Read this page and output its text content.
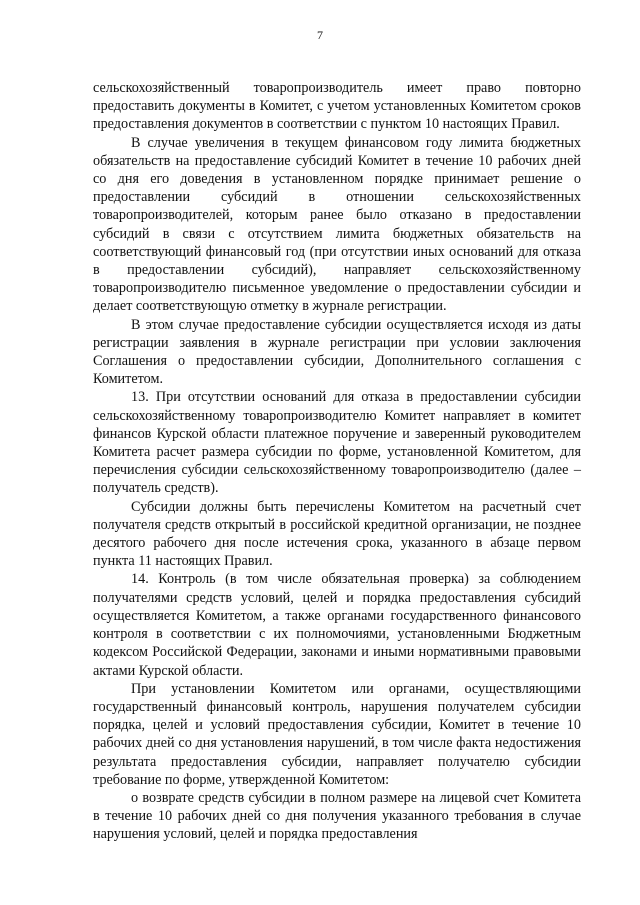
7

сельскохозяйственный товаропроизводитель имеет право повторно предоставить документы в Комитет, с учетом установленных Комитетом сроков предоставления документов в соответствии с пунктом 10 настоящих Правил.

В случае увеличения в текущем финансовом году лимита бюджетных обязательств на предоставление субсидий Комитет в течение 10 рабочих дней со дня его доведения в установленном порядке принимает решение о предоставлении субсидий в отношении сельскохозяйственных товаропроизводителей, которым ранее было отказано в предоставлении субсидий в связи с отсутствием лимита бюджетных обязательств на соответствующий финансовый год (при отсутствии иных оснований для отказа в предоставлении субсидий), направляет сельскохозяйственному товаропроизводителю письменное уведомление о предоставлении субсидии и делает соответствующую отметку в журнале регистрации.

В этом случае предоставление субсидии осуществляется исходя из даты регистрации заявления в журнале регистрации при условии заключения Соглашения о предоставлении субсидии, Дополнительного соглашения с Комитетом.

13. При отсутствии оснований для отказа в предоставлении субсидии сельскохозяйственному товаропроизводителю Комитет направляет в комитет финансов Курской области платежное поручение и заверенный руководителем Комитета расчет размера субсидии по форме, установленной Комитетом, для перечисления субсидии сельскохозяйственному товаропроизводителю (далее – получатель средств).

Субсидии должны быть перечислены Комитетом на расчетный счет получателя средств открытый в российской кредитной организации, не позднее десятого рабочего дня после истечения срока, указанного в абзаце первом пункта 11 настоящих Правил.

14. Контроль (в том числе обязательная проверка) за соблюдением получателями средств условий, целей и порядка предоставления субсидий осуществляется Комитетом, а также органами государственного финансового контроля в соответствии с их полномочиями, установленными Бюджетным кодексом Российской Федерации, законами и иными нормативными правовыми актами Курской области.

При установлении Комитетом или органами, осуществляющими государственный финансовый контроль, нарушения получателем субсидии порядка, целей и условий предоставления субсидии, Комитет в течение 10 рабочих дней со дня установления нарушений, в том числе факта недостижения результата предоставления субсидии, направляет получателю субсидии требование по форме, утвержденной Комитетом:

о возврате средств субсидии в полном размере на лицевой счет Комитета в течение 10 рабочих дней со дня получения указанного требования в случае нарушения условий, целей и порядка предоставления
